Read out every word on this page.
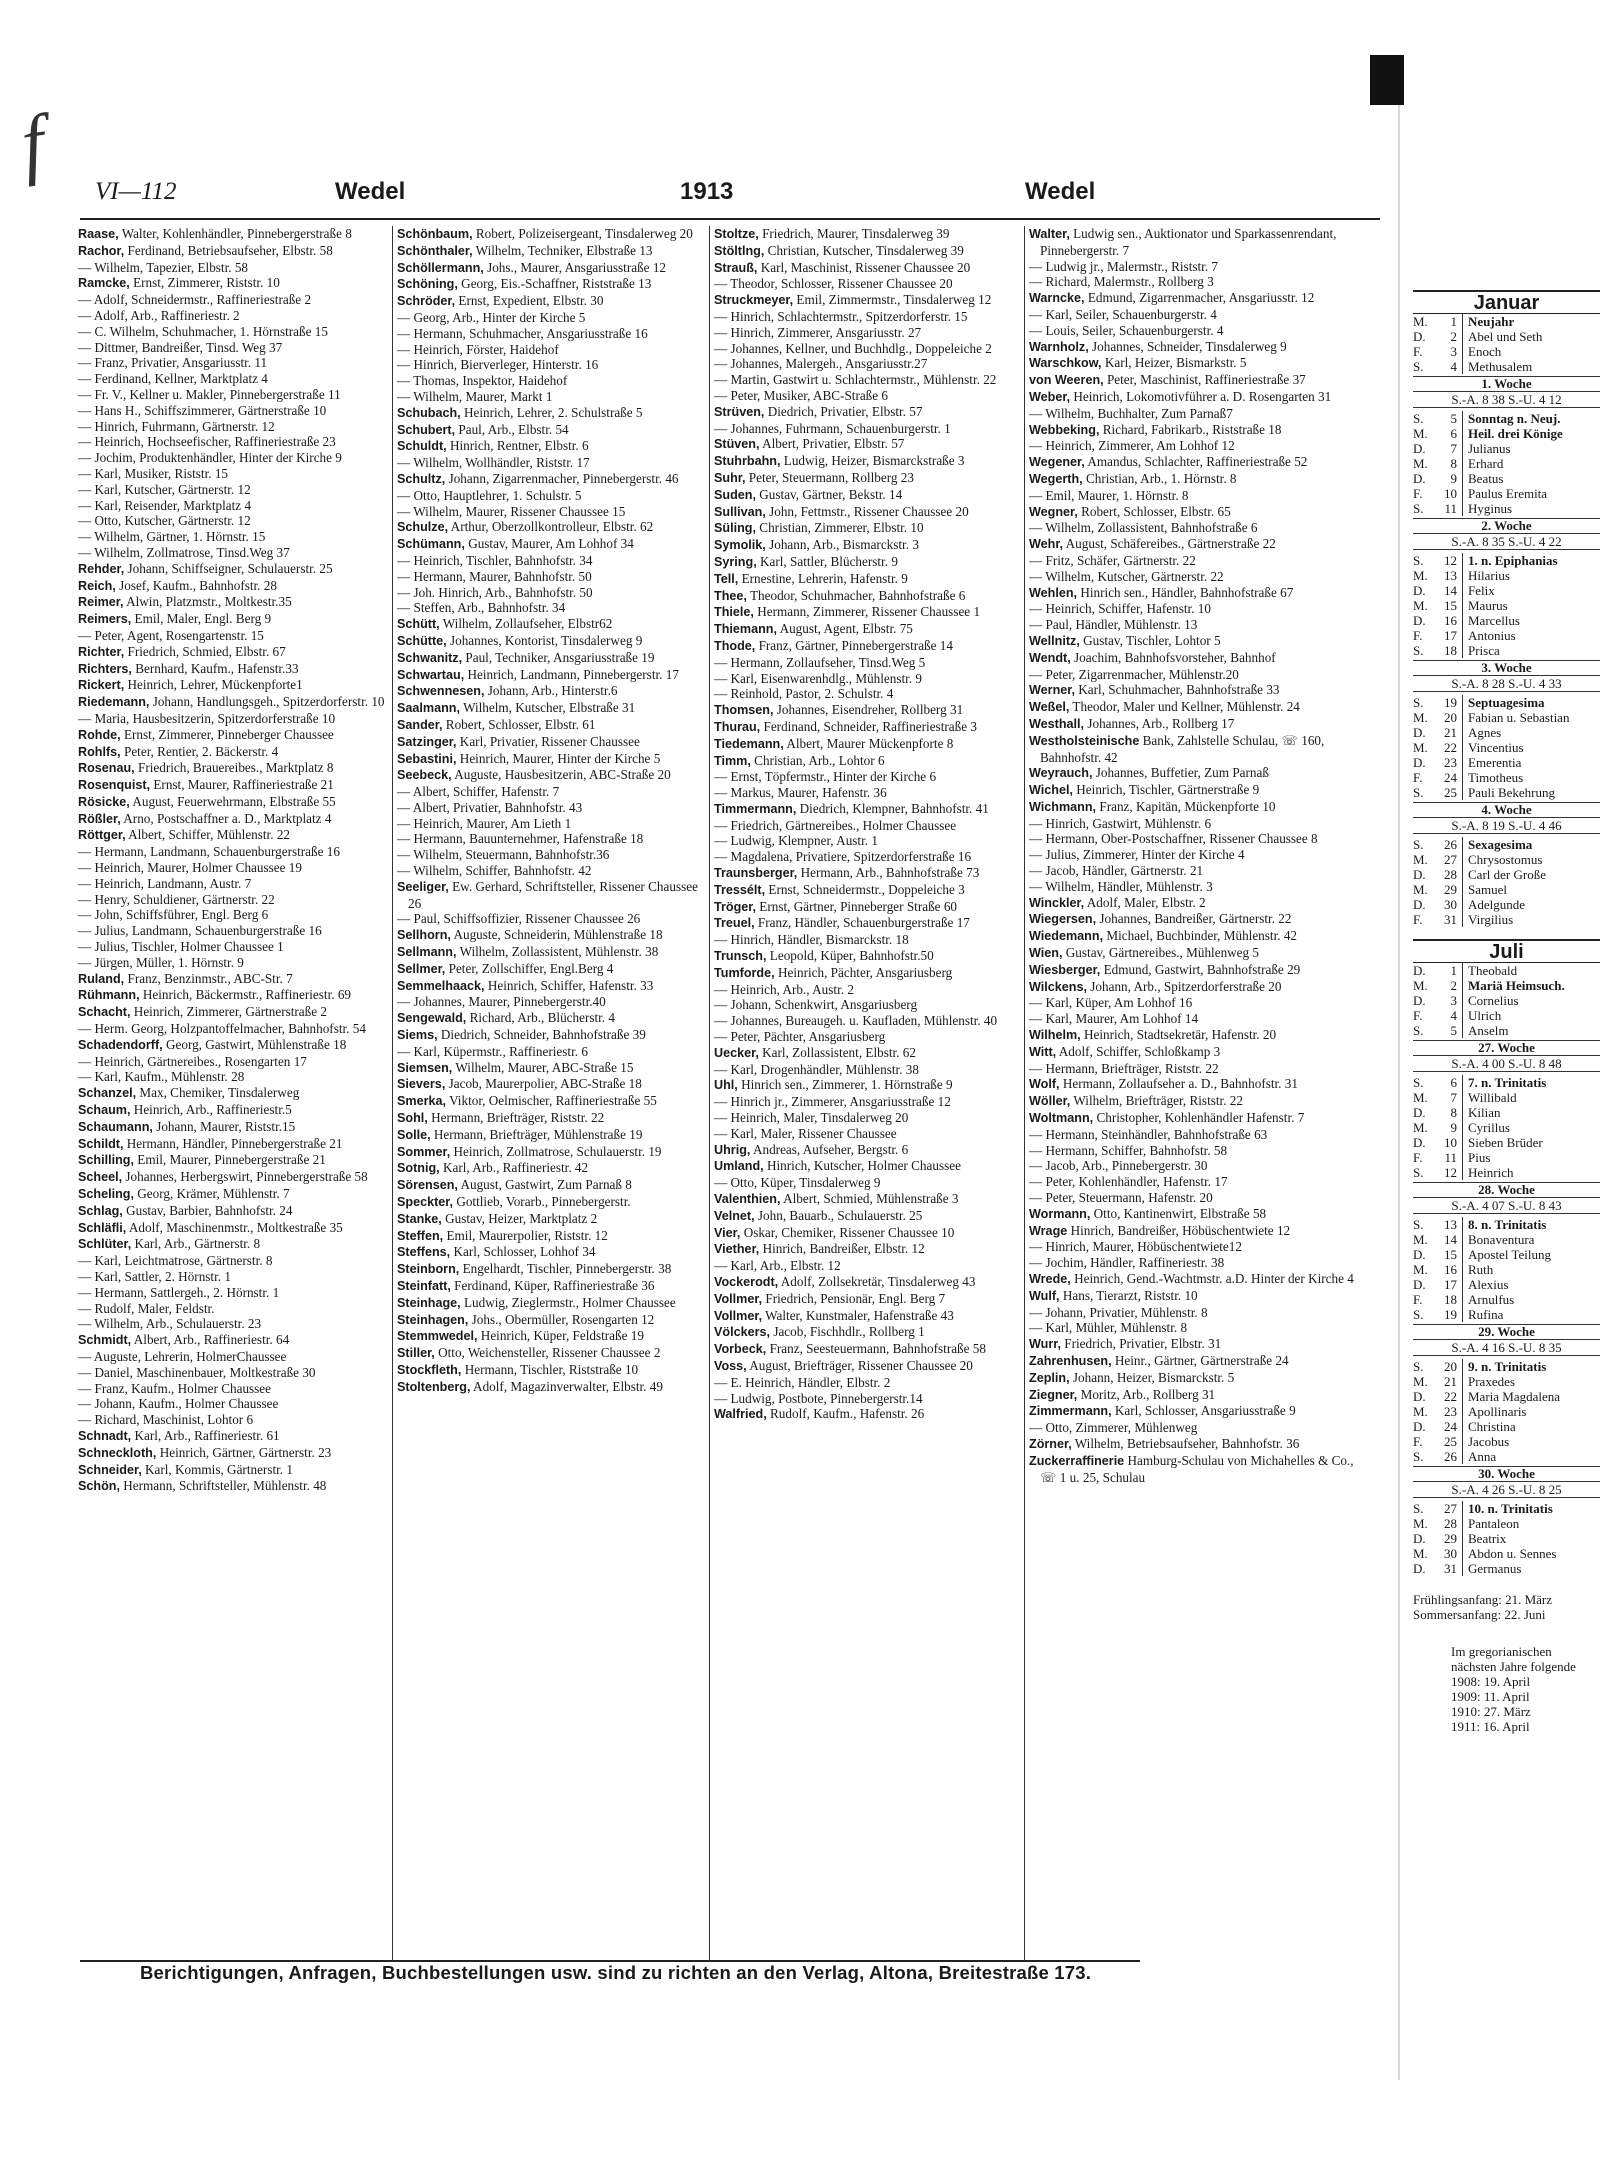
f
VI—112	Wedel	1913	Wedel

Raase, Walter, Kohlenhändler, Pinnebergerstraße 8

Rachor, Ferdinand, Betriebsaufseher, Elbstr. 58

— Wilhelm, Tapezier, Elbstr. 58

Ramcke, Ernst, Zimmerer, Riststr. 10

— Adolf, Schneidermstr., Raffineriestraße 2

— Adolf, Arb., Raffineriestr. 2

— C. Wilhelm, Schuhmacher, 1. Hörnstraße 15

— Dittmer, Bandreißer, Tinsd. Weg 37

— Franz, Privatier, Ansgariusstr. 11

— Ferdinand, Kellner, Marktplatz 4

— Fr. V., Kellner u. Makler, Pinnebergerstraße 11

— Hans H., Schiffszimmerer, Gärtnerstraße 10

— Hinrich, Fuhrmann, Gärtnerstr. 12

— Heinrich, Hochseefischer, Raffineriestraße 23

— Jochim, Produktenhändler, Hinter der Kirche 9

— Karl, Musiker, Riststr. 15

— Karl, Kutscher, Gärtnerstr. 12

— Karl, Reisender, Marktplatz 4

— Otto, Kutscher, Gärtnerstr. 12

— Wilhelm, Gärtner, 1. Hörnstr. 15

— Wilhelm, Zollmatrose, Tinsd.Weg 37

Rehder, Johann, Schiffseigner, Schulauerstr. 25

Reich, Josef, Kaufm., Bahnhofstr. 28

Reimer, Alwin, Platzmstr., Moltkestr.35

Reimers, Emil, Maler, Engl. Berg 9

— Peter, Agent, Rosengartenstr. 15

Richter, Friedrich, Schmied, Elbstr. 67

Richters, Bernhard, Kaufm., Hafenstr.33

Rickert, Heinrich, Lehrer, Mückenpforte1

Riedemann, Johann, Handlungsgeh., Spitzerdorferstr. 10

— Maria, Hausbesitzerin, Spitzerdorferstraße 10

Rohde, Ernst, Zimmerer, Pinneberger Chaussee

Rohlfs, Peter, Rentier, 2. Bäckerstr. 4

Rosenau, Friedrich, Brauereibes., Marktplatz 8

Rosenquist, Ernst, Maurer, Raffineriestraße 21

Rösicke, August, Feuerwehrmann, Elbstraße 55

Rößler, Arno, Postschaffner a. D., Marktplatz 4

Röttger, Albert, Schiffer, Mühlenstr. 22

— Hermann, Landmann, Schauenburgerstraße 16

— Heinrich, Maurer, Holmer Chaussee 19

— Heinrich, Landmann, Austr. 7

— Henry, Schuldiener, Gärtnerstr. 22

— John, Schiffsführer, Engl. Berg 6

— Julius, Landmann, Schauenburgerstraße 16

— Julius, Tischler, Holmer Chaussee 1

— Jürgen, Müller, 1. Hörnstr. 9

Ruland, Franz, Benzinmstr., ABC-Str. 7

Rühmann, Heinrich, Bäckermstr., Raffineriestr. 69

Schacht, Heinrich, Zimmerer, Gärtnerstraße 2

— Herm. Georg, Holzpantoffelmacher, Bahnhofstr. 54

Schadendorff, Georg, Gastwirt, Mühlenstraße 18

— Heinrich, Gärtnereibes., Rosengarten 17

— Karl, Kaufm., Mühlenstr. 28

Schanzel, Max, Chemiker, Tinsdalerweg

Schaum, Heinrich, Arb., Raffineriestr.5

Schaumann, Johann, Maurer, Riststr.15

Schildt, Hermann, Händler, Pinnebergerstraße 21

Schilling, Emil, Maurer, Pinnebergerstraße 21

Scheel, Johannes, Herbergswirt, Pinnebergerstraße 58

Scheling, Georg, Krämer, Mühlenstr. 7

Schlag, Gustav, Barbier, Bahnhofstr. 24

Schläfli, Adolf, Maschinenmstr., Moltkestraße 35

Schlüter, Karl, Arb., Gärtnerstr. 8

— Karl, Leichtmatrose, Gärtnerstr. 8

— Karl, Sattler, 2. Hörnstr. 1

— Hermann, Sattlergeh., 2. Hörnstr. 1

— Rudolf, Maler, Feldstr.

— Wilhelm, Arb., Schulauerstr. 23

Schmidt, Albert, Arb., Raffineriestr. 64

— Auguste, Lehrerin, HolmerChaussee

— Daniel, Maschinenbauer, Moltkestraße 30

— Franz, Kaufm., Holmer Chaussee

— Johann, Kaufm., Holmer Chaussee

— Richard, Maschinist, Lohtor 6

Schnadt, Karl, Arb., Raffineriestr. 61

Schneckloth, Heinrich, Gärtner, Gärtnerstr. 23

Schneider, Karl, Kommis, Gärtnerstr. 1

Schön, Hermann, Schriftsteller, Mühlenstr. 48

Schönbaum, Robert, Polizeisergeant, Tinsdalerweg 20

Schönthaler, Wilhelm, Techniker, Elbstraße 13

Schöllermann, Johs., Maurer, Ansgariusstraße 12

Schöning, Georg, Eis.-Schaffner, Riststraße 13

Schröder, Ernst, Expedient, Elbstr. 30

— Georg, Arb., Hinter der Kirche 5

— Hermann, Schuhmacher, Ansgariusstraße 16

— Heinrich, Förster, Haidehof

— Hinrich, Bierverleger, Hinterstr. 16

— Thomas, Inspektor, Haidehof

— Wilhelm, Maurer, Markt 1

Schubach, Heinrich, Lehrer, 2. Schulstraße 5

Schubert, Paul, Arb., Elbstr. 54

Schuldt, Hinrich, Rentner, Elbstr. 6

— Wilhelm, Wollhändler, Riststr. 17

Schultz, Johann, Zigarrenmacher, Pinnebergerstr. 46

— Otto, Hauptlehrer, 1. Schulstr. 5

— Wilhelm, Maurer, Rissener Chaussee 15

Schulze, Arthur, Oberzollkontrolleur, Elbstr. 62

Schümann, Gustav, Maurer, Am Lohhof 34

— Heinrich, Tischler, Bahnhofstr. 34

— Hermann, Maurer, Bahnhofstr. 50

— Joh. Hinrich, Arb., Bahnhofstr. 50

— Steffen, Arb., Bahnhofstr. 34

Schütt, Wilhelm, Zollaufseher, Elbstr62

Schütte, Johannes, Kontorist, Tinsdalerweg 9

Schwanitz, Paul, Techniker, Ansgariusstraße 19

Schwartau, Heinrich, Landmann, Pinnebergerstr. 17

Schwennesen, Johann, Arb., Hinterstr.6

Saalmann, Wilhelm, Kutscher, Elbstraße 31

Sander, Robert, Schlosser, Elbstr. 61

Satzinger, Karl, Privatier, Rissener Chaussee

Sebastini, Heinrich, Maurer, Hinter der Kirche 5

Seebeck, Auguste, Hausbesitzerin, ABC-Straße 20

— Albert, Schiffer, Hafenstr. 7

— Albert, Privatier, Bahnhofstr. 43

— Heinrich, Maurer, Am Lieth 1

— Hermann, Bauunternehmer, Hafenstraße 18

— Wilhelm, Steuermann, Bahnhofstr.36

— Wilhelm, Schiffer, Bahnhofstr. 42

Seeliger, Ew. Gerhard, Schriftsteller, Rissener Chaussee 26

— Paul, Schiffsoffizier, Rissener Chaussee 26

Sellhorn, Auguste, Schneiderin, Mühlenstraße 18

Sellmann, Wilhelm, Zollassistent, Mühlenstr. 38

Sellmer, Peter, Zollschiffer, Engl.Berg 4

Semmelhaack, Heinrich, Schiffer, Hafenstr. 33

— Johannes, Maurer, Pinnebergerstr.40

Sengewald, Richard, Arb., Blücherstr. 4

Siems, Diedrich, Schneider, Bahnhofstraße 39

— Karl, Küpermstr., Raffineriestr. 6

Siemsen, Wilhelm, Maurer, ABC-Straße 15

Sievers, Jacob, Maurerpolier, ABC-Straße 18

Smerka, Viktor, Oelmischer, Raffineriestraße 55

Sohl, Hermann, Briefträger, Riststr. 22

Solle, Hermann, Briefträger, Mühlenstraße 19

Sommer, Heinrich, Zollmatrose, Schulauerstr. 19

Sotnig, Karl, Arb., Raffineriestr. 42

Sörensen, August, Gastwirt, Zum Parnaß 8

Speckter, Gottlieb, Vorarb., Pinnebergerstr.

Stanke, Gustav, Heizer, Marktplatz 2

Steffen, Emil, Maurerpolier, Riststr. 12

Steffens, Karl, Schlosser, Lohhof 34

Steinborn, Engelhardt, Tischler, Pinnebergerstr. 38

Steinfatt, Ferdinand, Küper, Raffineriestraße 36

Steinhage, Ludwig, Zieglermstr., Holmer Chaussee

Steinhagen, Johs., Obermüller, Rosengarten 12

Stemmwedel, Heinrich, Küper, Feldstraße 19

Stiller, Otto, Weichensteller, Rissener Chaussee 2

Stockfleth, Hermann, Tischler, Riststraße 10

Stoltenberg, Adolf, Magazinverwalter, Elbstr. 49

Stoltze, Friedrich, Maurer, Tinsdalerweg 39

Stöltlng, Christian, Kutscher, Tinsdalerweg 39

Strauß, Karl, Maschinist, Rissener Chaussee 20

— Theodor, Schlosser, Rissener Chaussee 20

Struckmeyer, Emil, Zimmermstr., Tinsdalerweg 12

— Hinrich, Schlachtermstr., Spitzerdorferstr. 15

— Hinrich, Zimmerer, Ansgariusstr. 27

— Johannes, Kellner, und Buchhdlg., Doppeleiche 2

— Johannes, Malergeh., Ansgariusstr.27

— Martin, Gastwirt u. Schlachtermstr., Mühlenstr. 22

— Peter, Musiker, ABC-Straße 6

Strüven, Diedrich, Privatier, Elbstr. 57

— Johannes, Fuhrmann, Schauenburgerstr. 1

Stüven, Albert, Privatier, Elbstr. 57

Stuhrbahn, Ludwig, Heizer, Bismarckstraße 3

Suhr, Peter, Steuermann, Rollberg 23

Suden, Gustav, Gärtner, Bekstr. 14

Sullivan, John, Fettmstr., Rissener Chaussee 20

Süling, Christian, Zimmerer, Elbstr. 10

Symolik, Johann, Arb., Bismarckstr. 3

Syring, Karl, Sattler, Blücherstr. 9

Tell, Ernestine, Lehrerin, Hafenstr. 9

Thee, Theodor, Schuhmacher, Bahnhofstraße 6

Thiele, Hermann, Zimmerer, Rissener Chaussee 1

Thiemann, August, Agent, Elbstr. 75

Thode, Franz, Gärtner, Pinnebergerstraße 14

— Hermann, Zollaufseher, Tinsd.Weg 5

— Karl, Eisenwarenhdlg., Mühlenstr. 9

— Reinhold, Pastor, 2. Schulstr. 4

Thomsen, Johannes, Eisendreher, Rollberg 31

Thurau, Ferdinand, Schneider, Raffineriestraße 3

Tiedemann, Albert, Maurer Mückenpforte 8

Timm, Christian, Arb., Lohtor 6

— Ernst, Töpfermstr., Hinter der Kirche 6

— Markus, Maurer, Hafenstr. 36

Timmermann, Diedrich, Klempner, Bahnhofstr. 41

— Friedrich, Gärtnereibes., Holmer Chaussee

— Ludwig, Klempner, Austr. 1

— Magdalena, Privatiere, Spitzerdorferstraße 16

Traunsberger, Hermann, Arb., Bahnhofstraße 73

Tressélt, Ernst, Schneidermstr., Doppeleiche 3

Tröger, Ernst, Gärtner, Pinneberger Straße 60

Treuel, Franz, Händler, Schauenburgerstraße 17

— Hinrich, Händler, Bismarckstr. 18

Trunsch, Leopold, Küper, Bahnhofstr.50

Tumforde, Heinrich, Pächter, Ansgariusberg

— Heinrich, Arb., Austr. 2

— Johann, Schenkwirt, Ansgariusberg

— Johannes, Bureaugeh. u. Kaufladen, Mühlenstr. 40

— Peter, Pächter, Ansgariusberg

Uecker, Karl, Zollassistent, Elbstr. 62

— Karl, Drogenhändler, Mühlenstr. 38

Uhl, Hinrich sen., Zimmerer, 1. Hörnstraße 9

— Hinrich jr., Zimmerer, Ansgariusstraße 12

— Heinrich, Maler, Tinsdalerweg 20

— Karl, Maler, Rissener Chaussee

Uhrig, Andreas, Aufseher, Bergstr. 6

Umland, Hinrich, Kutscher, Holmer Chaussee

— Otto, Küper, Tinsdalerweg 9

Valenthien, Albert, Schmied, Mühlenstraße 3

Velnet, John, Bauarb., Schulauerstr. 25

Vier, Oskar, Chemiker, Rissener Chaussee 10

Viether, Hinrich, Bandreißer, Elbstr. 12

— Karl, Arb., Elbstr. 12

Vockerodt, Adolf, Zollsekretär, Tinsdalerweg 43

Vollmer, Friedrich, Pensionär, Engl. Berg 7

Vollmer, Walter, Kunstmaler, Hafenstraße 43

Völckers, Jacob, Fischhdlr., Rollberg 1

Vorbeck, Franz, Seesteuermann, Bahnhofstraße 58

Voss, August, Briefträger, Rissener Chaussee 20

— E. Heinrich, Händler, Elbstr. 2

— Ludwig, Postbote, Pinnebergerstr.14

Walfried, Rudolf, Kaufm., Hafenstr. 26

Walter, Ludwig sen., Auktionator und Sparkassenrendant, Pinnebergerstr. 7

— Ludwig jr., Malermstr., Riststr. 7

— Richard, Malermstr., Rollberg 3

Warncke, Edmund, Zigarrenmacher, Ansgariusstr. 12

— Karl, Seiler, Schauenburgerstr. 4

— Louis, Seiler, Schauenburgerstr. 4

Warnholz, Johannes, Schneider, Tinsdalerweg 9

Warschkow, Karl, Heizer, Bismarkstr. 5

von Weeren, Peter, Maschinist, Raffineriestraße 37

Weber, Heinrich, Lokomotivführer a. D. Rosengarten 31

— Wilhelm, Buchhalter, Zum Parnaß7

Webbeking, Richard, Fabrikarb., Riststraße 18

— Heinrich, Zimmerer, Am Lohhof 12

Wegener, Amandus, Schlachter, Raffineriestraße 52

Wegerth, Christian, Arb., 1. Hörnstr. 8

— Emil, Maurer, 1. Hörnstr. 8

Wegner, Robert, Schlosser, Elbstr. 65

— Wilhelm, Zollassistent, Bahnhofstraße 6

Wehr, August, Schäfereibes., Gärtnerstraße 22

— Fritz, Schäfer, Gärtnerstr. 22

— Wilhelm, Kutscher, Gärtnerstr. 22

Wehlen, Hinrich sen., Händler, Bahnhofstraße 67

— Heinrich, Schiffer, Hafenstr. 10

— Paul, Händler, Mühlenstr. 13

Wellnitz, Gustav, Tischler, Lohtor 5

Wendt, Joachim, Bahnhofsvorsteher, Bahnhof

— Peter, Zigarrenmacher, Mühlenstr.20

Werner, Karl, Schuhmacher, Bahnhofstraße 33

Weßel, Theodor, Maler und Kellner, Mühlenstr. 24

Westhall, Johannes, Arb., Rollberg 17

Westholsteinische Bank, Zahlstelle Schulau, ☏ 160, Bahnhofstr. 42

Weyrauch, Johannes, Buffetier, Zum Parnaß

Wichel, Heinrich, Tischler, Gärtnerstraße 9

Wichmann, Franz, Kapitän, Mückenpforte 10

— Hinrich, Gastwirt, Mühlenstr. 6

— Hermann, Ober-Postschaffner, Rissener Chaussee 8

— Julius, Zimmerer, Hinter der Kirche 4

— Jacob, Händler, Gärtnerstr. 21

— Wilhelm, Händler, Mühlenstr. 3

Winckler, Adolf, Maler, Elbstr. 2

Wiegersen, Johannes, Bandreißer, Gärtnerstr. 22

Wiedemann, Michael, Buchbinder, Mühlenstr. 42

Wien, Gustav, Gärtnereibes., Mühlenweg 5

Wiesberger, Edmund, Gastwirt, Bahnhofstraße 29

Wilckens, Johann, Arb., Spitzerdorferstraße 20

— Karl, Küper, Am Lohhof 16

— Karl, Maurer, Am Lohhof 14

Wilhelm, Heinrich, Stadtsekretär, Hafenstr. 20

Witt, Adolf, Schiffer, Schloßkamp 3

— Hermann, Briefträger, Riststr. 22

Wolf, Hermann, Zollaufseher a. D., Bahnhofstr. 31

Wöller, Wilhelm, Briefträger, Riststr. 22

Woltmann, Christopher, Kohlenhändler Hafenstr. 7

— Hermann, Steinhändler, Bahnhofstraße 63

— Hermann, Schiffer, Bahnhofstr. 58

— Jacob, Arb., Pinnebergerstr. 30

— Peter, Kohlenhändler, Hafenstr. 17

— Peter, Steuermann, Hafenstr. 20

Wormann, Otto, Kantinenwirt, Elbstraße 58

Wrage Hinrich, Bandreißer, Höbüschentwiete 12

— Hinrich, Maurer, Höbüschentwiete12

— Jochim, Händler, Raffineriestr. 38

Wrede, Heinrich, Gend.-Wachtmstr. a.D. Hinter der Kirche 4

Wulf, Hans, Tierarzt, Riststr. 10

— Johann, Privatier, Mühlenstr. 8

— Karl, Mühler, Mühlenstr. 8

Wurr, Friedrich, Privatier, Elbstr. 31

Zahrenhusen, Heinr., Gärtner, Gärtnerstraße 24

Zeplin, Johann, Heizer, Bismarckstr. 5

Ziegner, Moritz, Arb., Rollberg 31

Zimmermann, Karl, Schlosser, Ansgariusstraße 9

— Otto, Zimmerer, Mühlenweg

Zörner, Wilhelm, Betriebsaufseher, Bahnhofstr. 36

Zuckerraffinerie Hamburg-Schulau von Michahelles & Co., ☏ 1 u. 25, Schulau

Berichtigungen, Anfragen, Buchbestellungen usw. sind zu richten an den Verlag, Altona, Breitestraße 173.
Januar
M.	1 Neujahr
D.	2 Abel und Seth
F.	3 Enoch
S.	4 Methusalem
1. Woche
S.-A. 8 38 S.-U. 4 12
S.	5 Sonntag n. Neuj.
M.	6 Heil. drei Könige
D.	7 Julianus
M.	8 Erhard
D.	9 Beatus
F.	10 Paulus Eremita
S.	11 Hyginus
2. Woche
S.-A. 8 35 S.-U. 4 22
S.	12 1. n. Epiphanias
M.	13 Hilarius
D.	14 Felix
M.	15 Maurus
D.	16 Marcellus
F.	17 Antonius
S.	18 Prisca
3. Woche
S.-A. 8 28 S.-U. 4 33
S.	19 Septuagesima
M.	20 Fabian u. Sebastian
D.	21 Agnes
M.	22 Vincentius
D.	23 Emerentia
F.	24 Timotheus
S.	25 Pauli Bekehrung
4. Woche
S.-A. 8 19 S.-U. 4 46
S.	26 Sexagesima
M.	27 Chrysostomus
D.	28 Carl der Große
M.	29 Samuel
D.	30 Adelgunde
F.	31 Virgilius
Juli
D.	1 Theobald
M.	2 Mariä Heimsuch.
D.	3 Cornelius
F.	4 Ulrich
S.	5 Anselm
27. Woche
S.-A. 4 00 S.-U. 8 48
S.	6 7. n. Trinitatis
M.	7 Willibald
D.	8 Kilian
M.	9 Cyrillus
D.	10 Sieben Brüder
F.	11 Pius
S.	12 Heinrich
28. Woche
S.-A. 4 07 S.-U. 8 43
S.	13 8. n. Trinitatis
M.	14 Bonaventura
D.	15 Apostel Teilung
M.	16 Ruth
D.	17 Alexius
F.	18 Arnulfus
S.	19 Rufina
29. Woche
S.-A. 4 16 S.-U. 8 35
S.	20 9. n. Trinitatis
M.	21 Praxedes
D.	22 Maria Magdalena
M.	23 Apollinaris
D.	24 Christina
F.	25 Jacobus
S.	26 Anna
30. Woche
S.-A. 4 26 S.-U. 8 25
S.	27 10. n. Trinitatis
M.	28 Pantaleon
D.	29 Beatrix
M.	30 Abdon u. Sennes
D.	31 Germanus
Frühlingsanfang: 21. März
Sommersanfang: 22. Juni
Im gregorianischen
nächsten Jahre folgende
1908: 19. April
1909: 11. April
1910: 27. März
1911: 16. April
